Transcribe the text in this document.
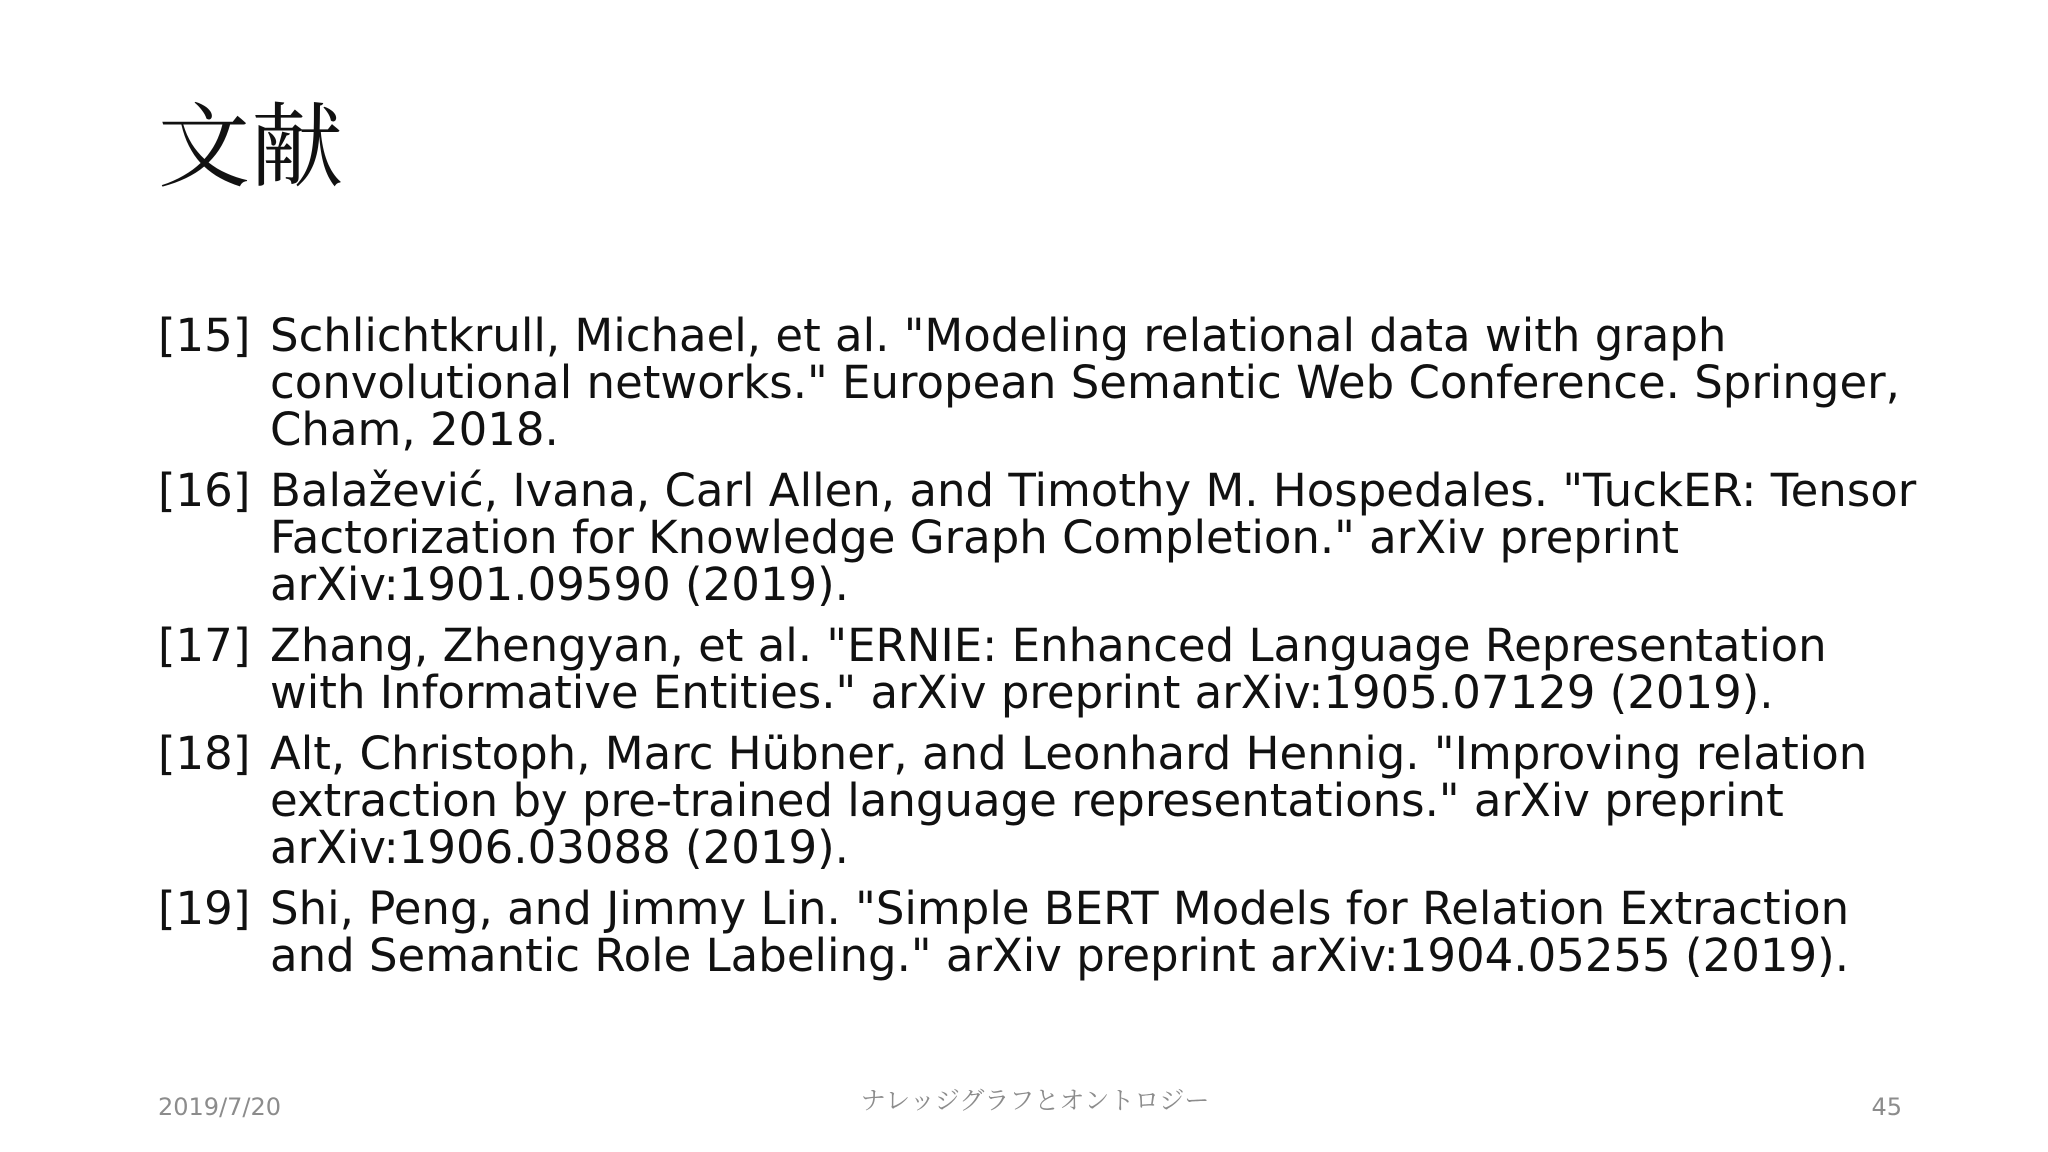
文献
[15] Schlichtkrull, Michael, et al. "Modeling relational data with graph convolutional networks." European Semantic Web Conference. Springer, Cham, 2018.
[16] Balažević, Ivana, Carl Allen, and Timothy M. Hospedales. "TuckER: Tensor Factorization for Knowledge Graph Completion." arXiv preprint arXiv:1901.09590 (2019).
[17] Zhang, Zhengyan, et al. "ERNIE: Enhanced Language Representation with Informative Entities." arXiv preprint arXiv:1905.07129 (2019).
[18] Alt, Christoph, Marc Hübner, and Leonhard Hennig. "Improving relation extraction by pre-trained language representations." arXiv preprint arXiv:1906.03088 (2019).
[19] Shi, Peng, and Jimmy Lin. "Simple BERT Models for Relation Extraction and Semantic Role Labeling." arXiv preprint arXiv:1904.05255 (2019).
2019/7/20	ナレッジグラフとオントロジー	45
